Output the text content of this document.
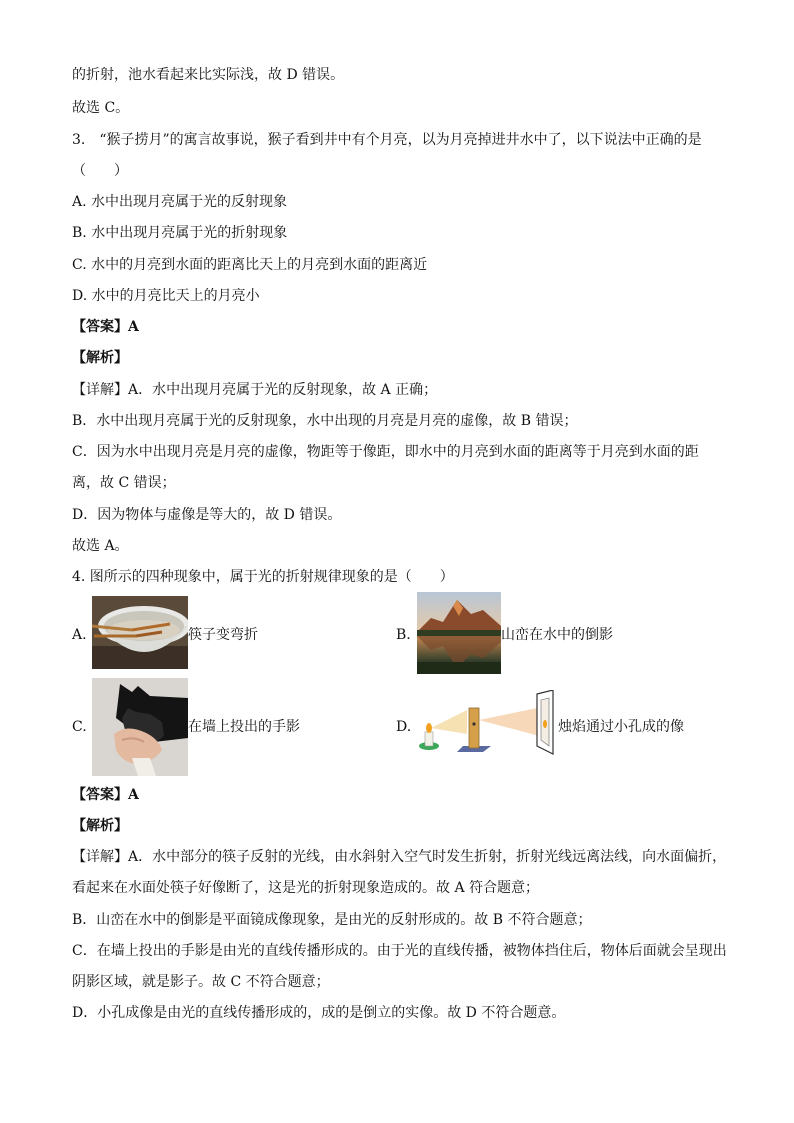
的折射，池水看起来比实际浅，故 D 错误。
故选 C。
3.　“猴子捞月”的寓言故事说，猴子看到井中有个月亮，以为月亮掉进井水中了，以下说法中正确的是
（　　）
A. 水中出现月亮属于光的反射现象
B. 水中出现月亮属于光的折射现象
C. 水中的月亮到水面的距离比天上的月亮到水面的距离近
D. 水中的月亮比天上的月亮小
【答案】A
【解析】
【详解】A．水中出现月亮属于光的反射现象，故 A 正确；
B．水中出现月亮属于光的反射现象，水中出现的月亮是月亮的虚像，故 B 错误；
C．因为水中出现月亮是月亮的虚像，物距等于像距，即水中的月亮到水面的距离等于月亮到水面的距
离，故 C 错误；
D．因为物体与虚像是等大的，故 D 错误。
故选 A。
4. 图所示的四种现象中，属于光的折射规律现象的是（　　）
A.	筷子变弯折	B.	山峦在水中的倒影
C.	在墙上投出的手影	D.	烛焰通过小孔成的像
【答案】A
【解析】
【详解】A．水中部分的筷子反射的光线，由水斜射入空气时发生折射，折射光线远离法线，向水面偏折，
看起来在水面处筷子好像断了，这是光的折射现象造成的。故 A 符合题意；
B．山峦在水中的倒影是平面镜成像现象，是由光的反射形成的。故 B 不符合题意；
C．在墙上投出的手影是由光的直线传播形成的。由于光的直线传播，被物体挡住后，物体后面就会呈现出
阴影区域，就是影子。故 C 不符合题意；
D．小孔成像是由光的直线传播形成的，成的是倒立的实像。故 D 不符合题意。
